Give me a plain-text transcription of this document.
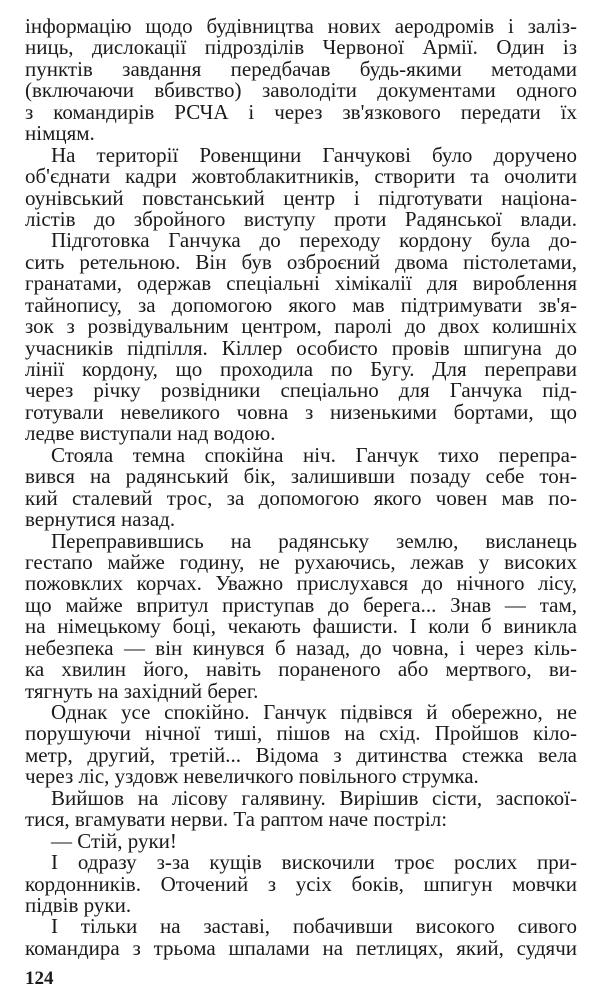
інформацію щодо будівництва нових аеродромів і заліз-
ниць, дислокації підрозділів Червоної Армії. Один із
пунктів завдання передбачав будь-якими методами
(включаючи вбивство) заволодіти документами одного
з командирів РСЧА і через зв'язкового передати їх
німцям.
На території Ровенщини Ганчукові було доручено
об'єднати кадри жовтоблакитників, створити та очолити
оунівський повстанський центр і підготувати націона-
лістів до збройного виступу проти Радянської влади.
Підготовка Ганчука до переходу кордону була до-
сить ретельною. Він був озброєний двома пістолетами,
гранатами, одержав спеціальні хімікалії для вироблення
тайнопису, за допомогою якого мав підтримувати зв'я-
зок з розвідувальним центром, паролі до двох колишніх
учасників підпілля. Кіллер особисто провів шпигуна до
лінії кордону, що проходила по Бугу. Для переправи
через річку розвідники спеціально для Ганчука під-
готували невеликого човна з низенькими бортами, що
ледве виступали над водою.
Стояла темна спокійна ніч. Ганчук тихо перепра-
вився на радянський бік, залишивши позаду себе тон-
кий сталевий трос, за допомогою якого човен мав по-
вернутися назад.
Переправившись на радянську землю, висланець
гестапо майже годину, не рухаючись, лежав у високих
пожовклих корчах. Уважно прислухався до нічного лісу,
що майже впритул приступав до берега... Знав — там,
на німецькому боці, чекають фашисти. І коли б виникла
небезпека — він кинувся б назад, до човна, і через кіль-
ка хвилин його, навіть пораненого або мертвого, ви-
тягнуть на західний берег.
Однак усе спокійно. Ганчук підвівся й обережно, не
порушуючи нічної тиші, пішов на схід. Пройшов кіло-
метр, другий, третій... Відома з дитинства стежка вела
через ліс, уздовж невеличкого повільного струмка.
Вийшов на лісову галявину. Вирішив сісти, заспокої-
тися, вгамувати нерви. Та раптом наче постріл:
— Стій, руки!
І одразу з-за кущів вискочили троє рослих при-
кордонників. Оточений з усіх боків, шпигун мовчки
підвів руки.
І тільки на заставі, побачивши високого сивого
командира з трьома шпалами на петлицях, який, судячи
124
